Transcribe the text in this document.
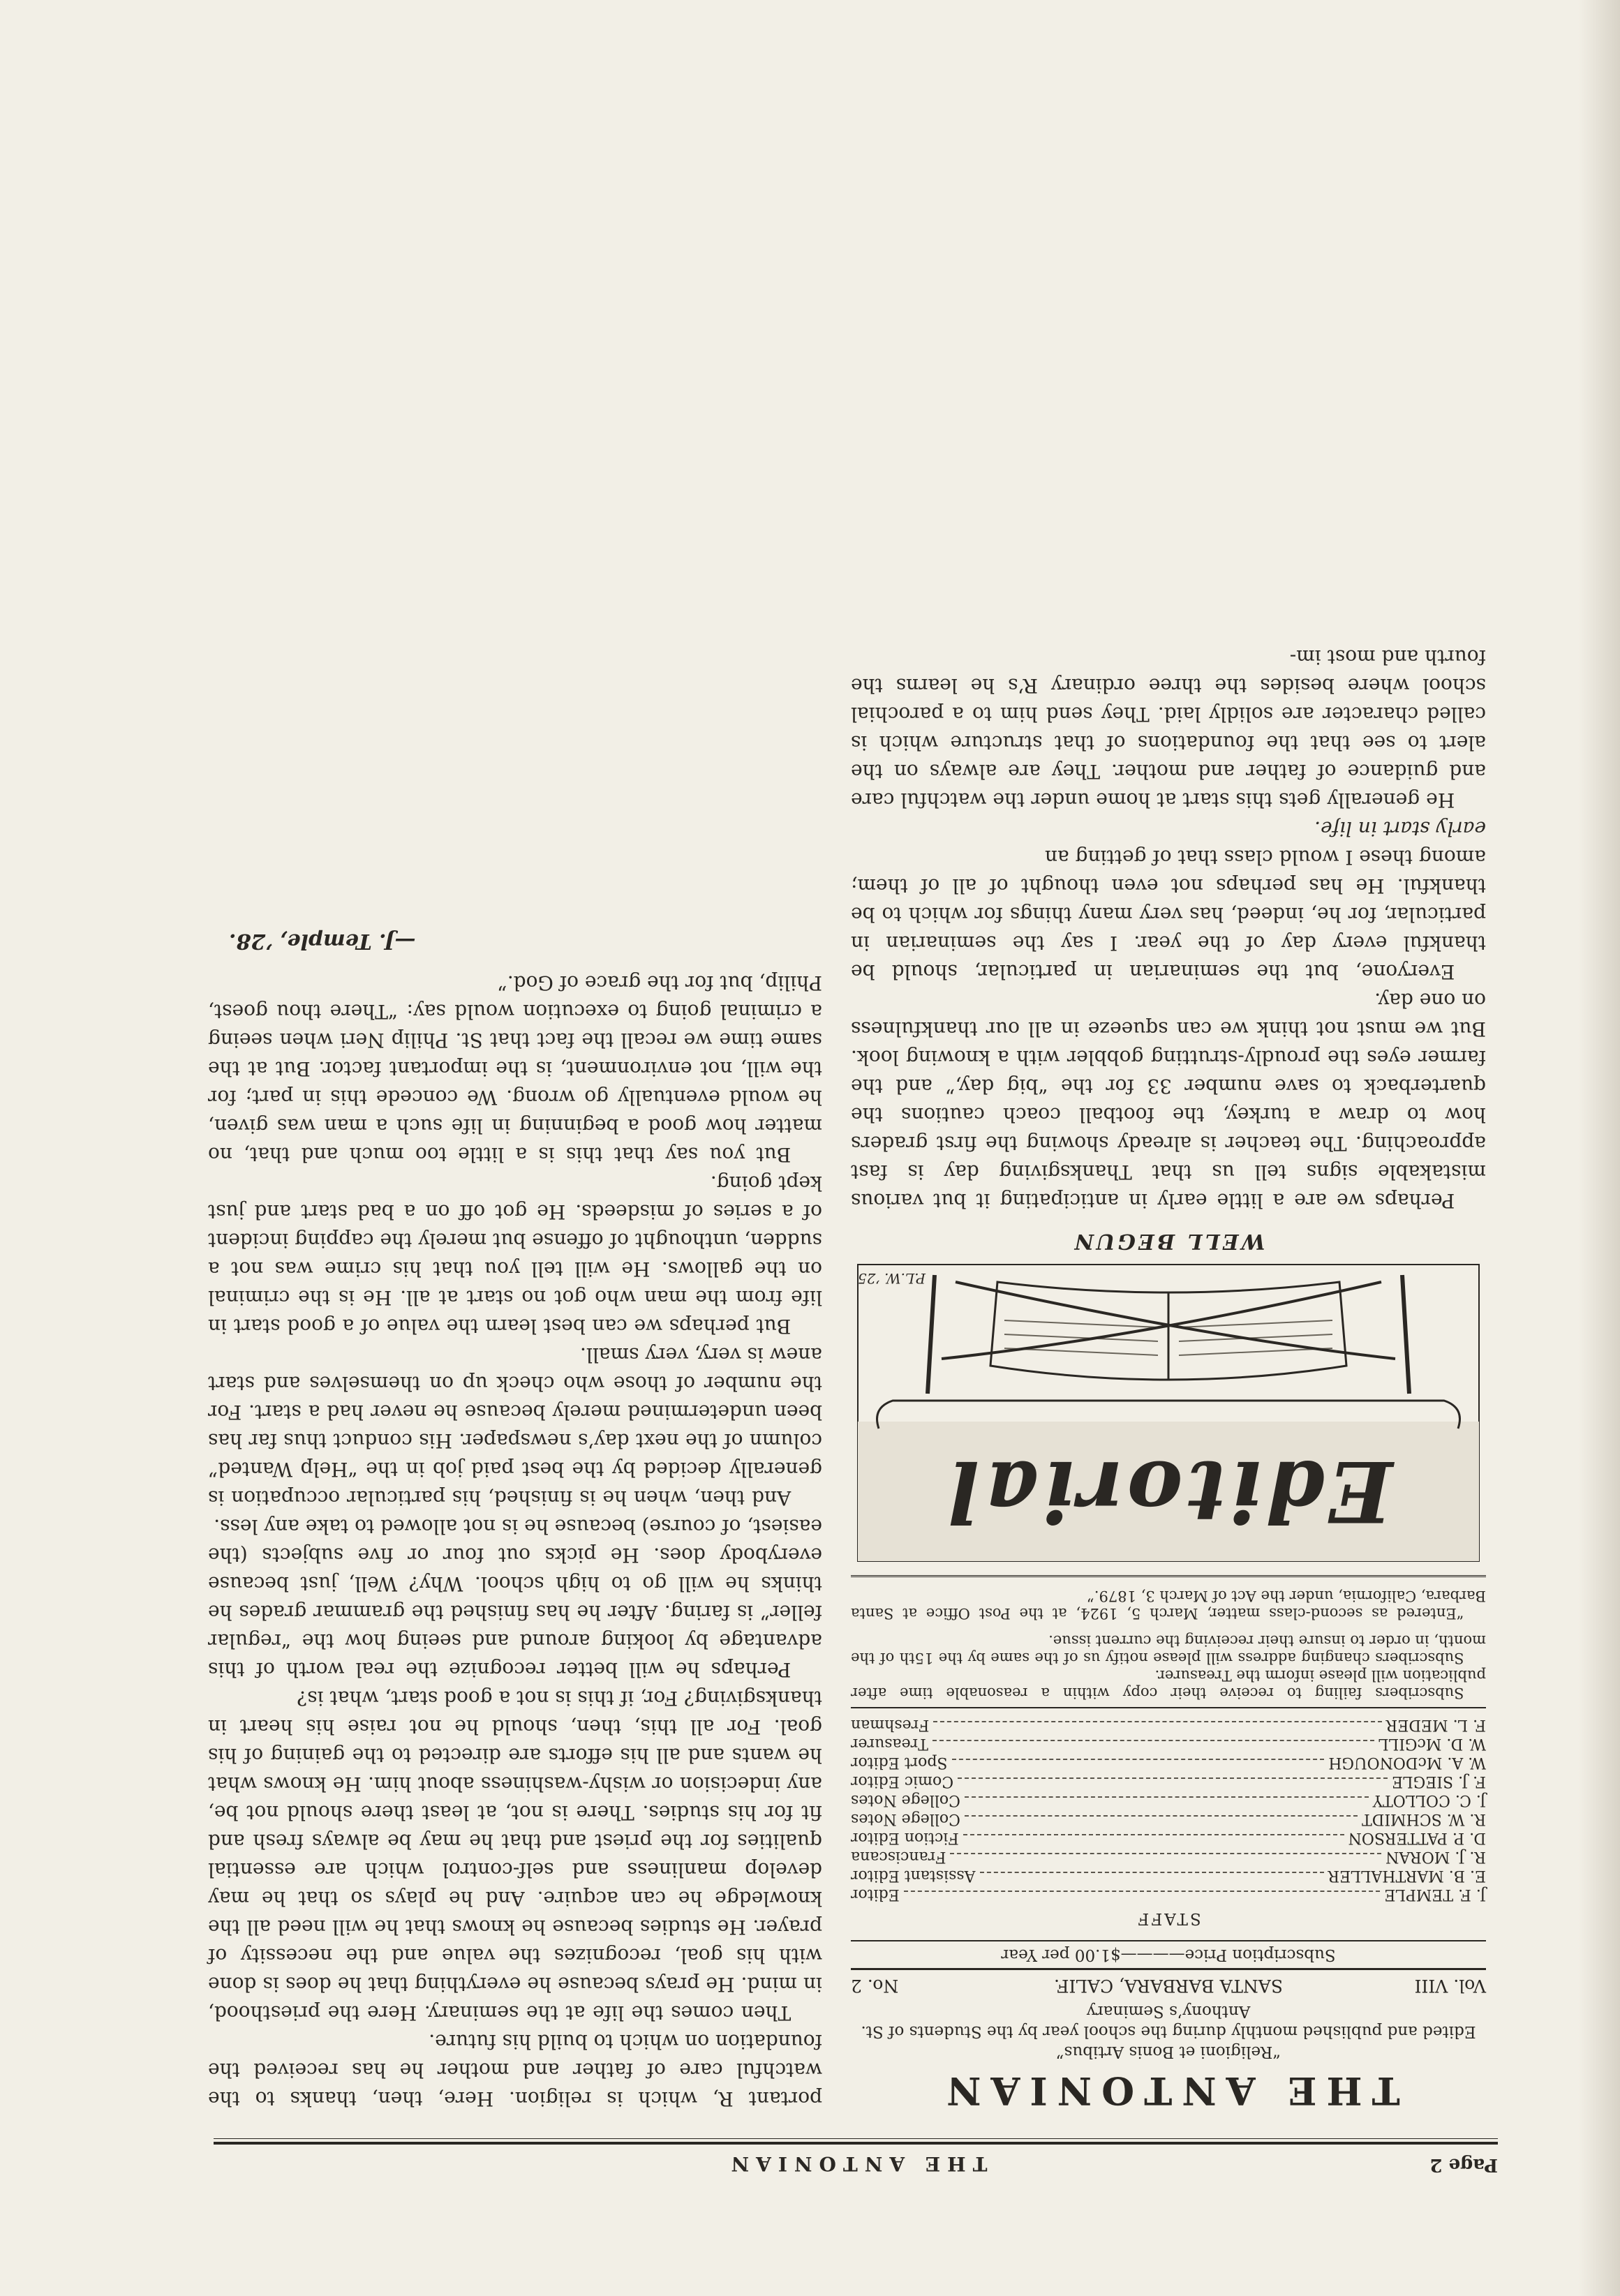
Page 2
THE ANTONIAN
THE ANTONIAN
“Religioni et Bonis Artibus”
Edited and published monthly during the school year by the Students of St. Anthony’s Seminary
Vol. VIII
SANTA BARBARA, CALIF.
No. 2
Subscription Price————$1.00 per Year
STAFF
J. F. TEMPLE
Editor
E. B. MARTHALLER
Assistant Editor
R. J. MORAN
Franciscana
D. P. PATTERSON
Fiction Editor
R. W. SCHMIDT
College Notes
J. C. COLLOTY
College Notes
F. J. SIEGLE
Comic Editor
W. A. McDONOUGH
Sport Editor
W. D. McGILL
Treasurer
F. L. MEDER
Freshman

Subscribers failing to receive their copy within a reasonable time after publication will please inform the Treasurer.

Subscribers changing address will please notify us of the same by the 15th of the month, in order to insure their receiving the current issue.

“Entered as second-class matter, March 5, 1924, at the Post Office at Santa Barbara, California, under the Act of March 3, 1879.”
Editorial
P.L.W. ’25
WELL BEGUN

Perhaps we are a little early in anticipating it but various mistakable signs tell us that Thanksgiving day is fast approaching. The teacher is already showing the first graders how to draw a turkey, the football coach cautions the quarterback to save number 33 for the “big day,” and the farmer eyes the proudly-strutting gobbler with a knowing look. But we must not think we can squeeze in all our thankfulness on one day.

Everyone, but the seminarian in particular, should be thankful every day of the year. I say the seminarian in particular, for he, indeed, has very many things for which to be thankful. He has perhaps not even thought of all of them; among these I would class that of getting an

early start in life.

He generally gets this start at home under the watchful care and guidance of father and mother. They are always on the alert to see that the foundations of that structure which is called character are solidly laid. They send him to a parochial school where besides the three ordinary R’s he learns the fourth and most im-

portant R, which is religion. Here, then, thanks to the watchful care of father and mother he has received the foundation on which to build his future.

Then comes the life at the seminary. Here the priesthood, in mind. He prays because he everything that he does is done with his goal, recognizes the value and the necessity of prayer. He studies because he knows that he will need all the knowledge he can acquire. And he plays so that he may develop manliness and self-control which are essential qualities for the priest and that he may be always fresh and fit for his studies. There is not, at least there should not be, any indecision or wishy-washiness about him. He knows what he wants and all his efforts are directed to the gaining of his goal. For all this, then, should he not raise his heart in thanksgiving? For, if this is not a good start, what is?

Perhaps he will better recognize the real worth of this advantage by looking around and seeing how the “regular feller” is faring. After he has finished the grammar grades he thinks he will go to high school. Why? Well, just because everybody does. He picks out four or five subjects (the easiest, of course) because he is not allowed to take any less.

And then, when he is finished, his particular occupation is generally decided by the best paid job in the “Help Wanted” column of the next day’s newspaper. His conduct thus far has been undetermined merely because he never had a start. For the number of those who check up on themselves and start anew is very, very small.

But perhaps we can best learn the value of a good start in life from the man who got no start at all. He is the criminal on the gallows. He will tell you that his crime was not a sudden, unthought of offense but merely the capping incident of a series of misdeeds. He got off on a bad start and just kept going.

But you say that this is a little too much and that, no matter how good a beginning in life such a man was given, he would eventually go wrong. We concede this in part; for the will, not environment, is the important factor. But at the same time we recall the fact that St. Philip Neri when seeing a criminal going to execution would say: “There thou goest, Philip, but for the grace of God.”

—J. Temple, ’28.
